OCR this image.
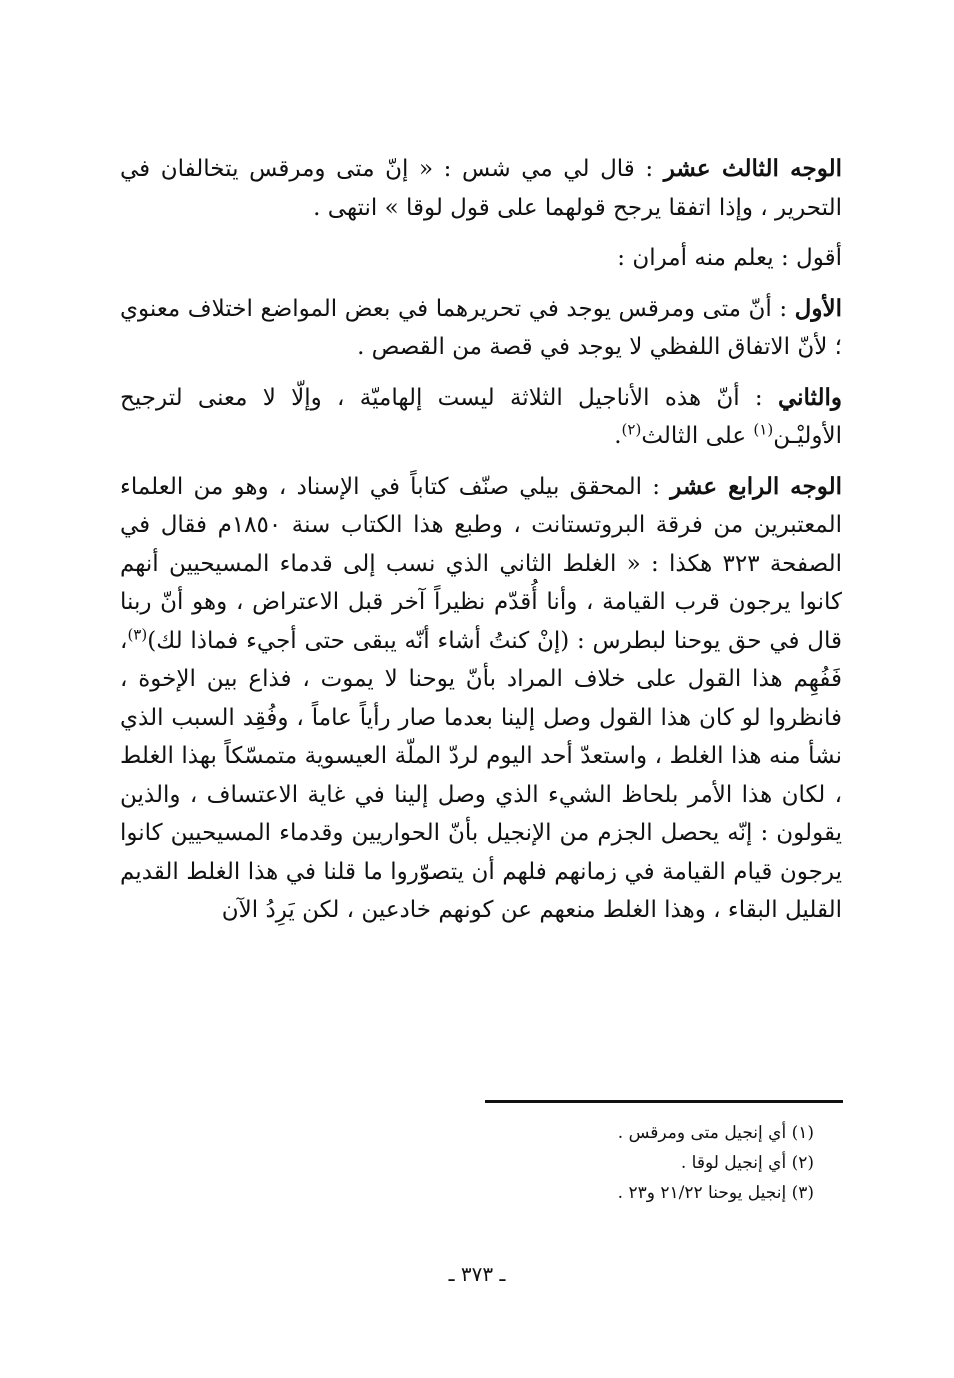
الوجه الثالث عشر : قال لي مي شس : « إنّ متى ومرقس يتخالفان في التحرير ، وإذا اتفقا يرجح قولهما على قول لوقا » انتهى .

أقول : يعلم منه أمران :

الأول : أنّ متى ومرقس يوجد في تحريرهما في بعض المواضع اختلاف معنوي ؛ لأنّ الاتفاق اللفظي لا يوجد في قصة من القصص .

والثاني : أنّ هذه الأناجيل الثلاثة ليست إلهاميّة ، وإلّا لا معنى لترجيح الأوليْـن$^{(١)}$ على الثالث$^{(٢)}$.

الوجه الرابع عشر : المحقق بيلي صنّف كتاباً في الإسناد ، وهو من العلماء المعتبرين من فرقة البروتستانت ، وطبع هذا الكتاب سنة ١٨٥٠م فقال في الصفحة ٣٢٣ هكذا : « الغلط الثاني الذي نسب إلى قدماء المسيحيين أنهم كانوا يرجون قرب القيامة ، وأنا أُقدّم نظيراً آخر قبل الاعتراض ، وهو أنّ ربنا قال في حق يوحنا لبطرس : (إنْ كنتُ أشاء أنّه يبقى حتى أجيء فماذا لك)$^{(٣)}$، فَفُهِم هذا القول على خلاف المراد بأنّ يوحنا لا يموت ، فذاع بين الإخوة ، فانظروا لو كان هذا القول وصل إلينا بعدما صار رأياً عاماً ، وفُقِد السبب الذي نشأ منه هذا الغلط ، واستعدّ أحد اليوم لردّ الملّة العيسوية متمسّكاً بهذا الغلط ، لكان هذا الأمر بلحاظ الشيء الذي وصل إلينا في غاية الاعتساف ، والذين يقولون : إنّه يحصل الجزم من الإنجيل بأنّ الحواريين وقدماء المسيحيين كانوا يرجون قيام القيامة في زمانهم فلهم أن يتصوّروا ما قلنا في هذا الغلط القديم القليل البقاء ، وهذا الغلط منعهم عن كونهم خادعين ، لكن يَرِدُ الآن

(١) أي إنجيل متى ومرقس .
(٢) أي إنجيل لوقا .
(٣) إنجيل يوحنا ٢١/٢٢ و٢٣ .
ـ ٣٧٣ ـ
